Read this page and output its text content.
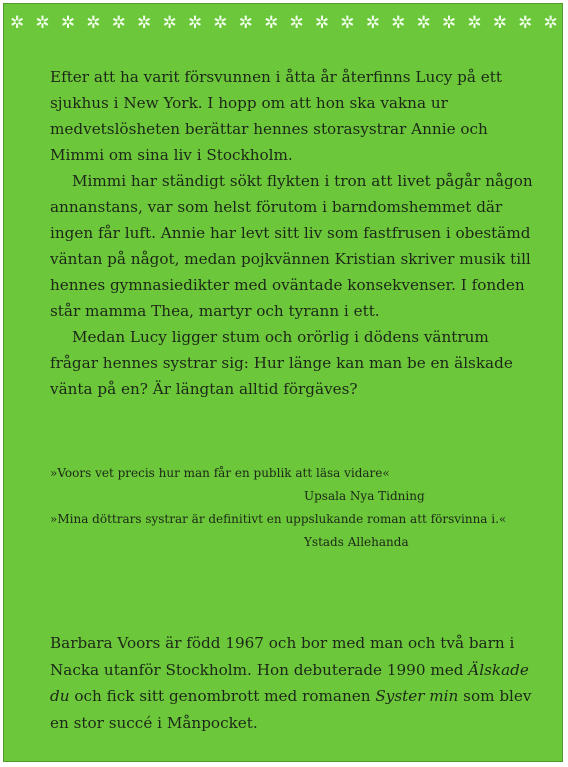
✲ ✲ ✲ ✲ ✲ ✲ ✲ ✲ ✲ ✲ ✲ ✲ ✲ ✲ ✲ ✲ ✲ ✲ ✲ ✲ ✲ ✲

Efter att ha varit försvunnen i åtta år återfinns Lucy på ett sjukhus i New York. I hopp om att hon ska vakna ur medvetslösheten berättar hennes storasystrar Annie och Mimmi om sina liv i Stockholm.

Mimmi har ständigt sökt flykten i tron att livet pågår någon annanstans, var som helst förutom i barndomshemmet där ingen får luft. Annie har levt sitt liv som fastfrusen i obestämd väntan på något, medan pojkvännen Kristian skriver musik till hennes gymnasiedikter med oväntade konsekvenser. I fonden står mamma Thea, martyr och tyrann i ett.

Medan Lucy ligger stum och orörlig i dödens väntrum frågar hennes systrar sig: Hur länge kan man be en älskade vänta på en? Är längtan alltid förgäves?

»Voors vet precis hur man får en publik att läsa vidare«

Upsala Nya Tidning

»Mina döttrars systrar är definitivt en uppslukande roman att försvinna i.«

Ystads Allehanda

Barbara Voors är född 1967 och bor med man och två barn i Nacka utanför Stockholm. Hon debuterade 1990 med Älskade du och fick sitt genombrott med romanen Syster min som blev en stor succé i Månpocket.
